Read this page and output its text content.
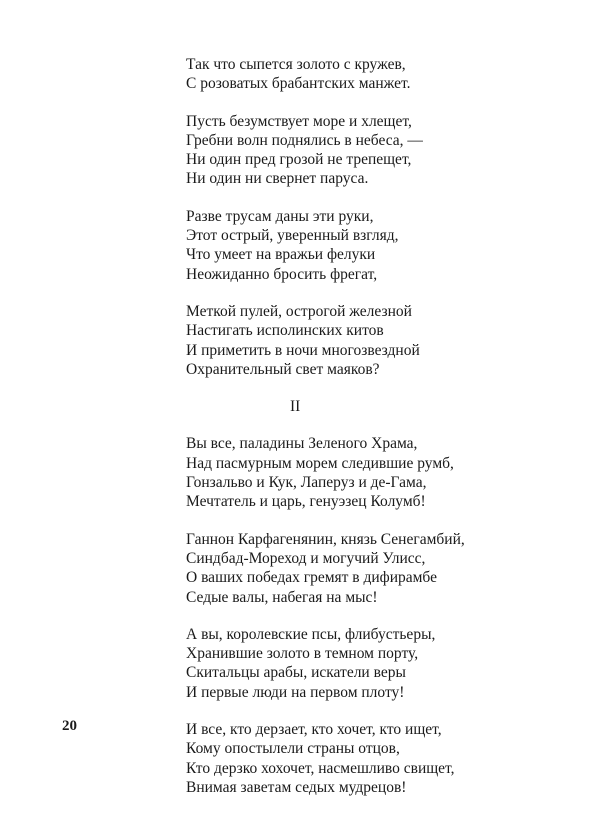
Так что сыпется золото с кружев,
С розоватых брабантских манжет.
Пусть безумствует море и хлещет,
Гребни волн поднялись в небеса, —
Ни один пред грозой не трепещет,
Ни один ни свернет паруса.
Разве трусам даны эти руки,
Этот острый, уверенный взгляд,
Что умеет на вражьи фелуки
Неожиданно бросить фрегат,
Меткой пулей, острогой железной
Настигать исполинских китов
И приметить в ночи многозвездной
Охранительный свет маяков?
II
Вы все, паладины Зеленого Храма,
Над пасмурным морем следившие румб,
Гонзальво и Кук, Лаперуз и де-Гама,
Мечтатель и царь, генуэзец Колумб!
Ганнон Карфагенянин, князь Сенегамбий,
Синдбад-Мореход и могучий Улисс,
О ваших победах гремят в дифирамбе
Седые валы, набегая на мыс!
А вы, королевские псы, флибустьеры,
Хранившие золото в темном порту,
Скитальцы арабы, искатели веры
И первые люди на первом плоту!
И все, кто дерзает, кто хочет, кто ищет,
Кому опостылели страны отцов,
Кто дерзко хохочет, насмешливо свищет,
Внимая заветам седых мудрецов!
20
